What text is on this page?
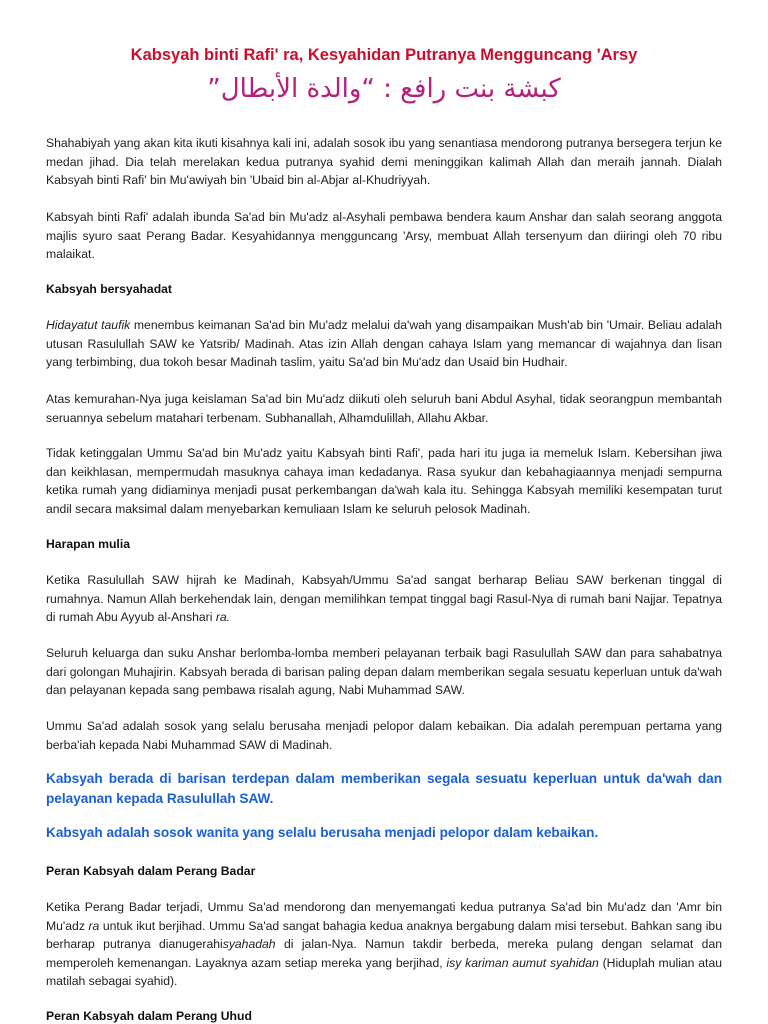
Kabsyah binti Rafi' ra, Kesyahidan Putranya Mengguncang 'Arsy
كبشة بنت رافع : “والدة الأبطال”
Shahabiyah yang akan kita ikuti kisahnya kali ini, adalah sosok ibu yang senantiasa mendorong putranya bersegera terjun ke medan jihad. Dia telah merelakan kedua putranya syahid demi meninggikan kalimah Allah dan meraih jannah. Dialah Kabsyah binti Rafi' bin Mu'awiyah bin 'Ubaid bin al-Abjar al-Khudriyyah.
Kabsyah binti Rafi' adalah ibunda Sa'ad bin Mu'adz al-Asyhali pembawa bendera kaum Anshar dan salah seorang anggota majlis syuro saat Perang Badar. Kesyahidannya mengguncang 'Arsy, membuat Allah tersenyum dan diiringi oleh 70 ribu malaikat.
Kabsyah bersyahadat
Hidayatut taufik menembus keimanan Sa'ad bin Mu'adz melalui da'wah yang disampaikan Mush'ab bin 'Umair. Beliau adalah utusan Rasulullah SAW ke Yatsrib/ Madinah. Atas izin Allah dengan cahaya Islam yang memancar di wajahnya dan lisan yang terbimbing, dua tokoh besar Madinah taslim, yaitu Sa'ad bin Mu'adz dan Usaid bin Hudhair.
Atas kemurahan-Nya juga keislaman Sa'ad bin Mu'adz diikuti oleh seluruh bani Abdul Asyhal, tidak seorangpun membantah seruannya sebelum matahari terbenam. Subhanallah, Alhamdulillah, Allahu Akbar.
Tidak ketinggalan Ummu Sa'ad bin Mu'adz yaitu Kabsyah binti Rafi', pada hari itu juga ia memeluk Islam. Kebersihan jiwa dan keikhlasan, mempermudah masuknya cahaya iman kedadanya. Rasa syukur dan kebahagiaannya menjadi sempurna ketika rumah yang didiaminya menjadi pusat perkembangan da'wah kala itu. Sehingga Kabsyah memiliki kesempatan turut andil secara maksimal dalam menyebarkan kemuliaan Islam ke seluruh pelosok Madinah.
Harapan mulia
Ketika Rasulullah SAW hijrah ke Madinah, Kabsyah/Ummu Sa'ad sangat berharap Beliau SAW berkenan tinggal di rumahnya. Namun Allah berkehendak lain, dengan memilihkan tempat tinggal bagi Rasul-Nya di rumah bani Najjar. Tepatnya di rumah Abu Ayyub al-Anshari ra.
Seluruh keluarga dan suku Anshar berlomba-lomba memberi pelayanan terbaik bagi Rasulullah SAW dan para sahabatnya dari golongan Muhajirin. Kabsyah berada di barisan paling depan dalam memberikan segala sesuatu keperluan untuk da'wah dan pelayanan kepada sang pembawa risalah agung, Nabi Muhammad SAW.
Ummu Sa'ad adalah sosok yang selalu berusaha menjadi pelopor dalam kebaikan. Dia adalah perempuan pertama yang berba'iah kepada Nabi Muhammad SAW di Madinah.
Kabsyah berada di barisan terdepan dalam memberikan segala sesuatu keperluan untuk da'wah dan pelayanan kepada Rasulullah SAW.
Kabsyah adalah sosok wanita yang selalu berusaha menjadi pelopor dalam kebaikan.
Peran Kabsyah dalam Perang Badar
Ketika Perang Badar terjadi, Ummu Sa'ad mendorong dan menyemangati kedua putranya Sa'ad bin Mu'adz dan 'Amr bin Mu'adz ra untuk ikut berjihad. Ummu Sa'ad sangat bahagia kedua anaknya bergabung dalam misi tersebut. Bahkan sang ibu berharap putranya dianugerahisyahadah di jalan-Nya. Namun takdir berbeda, mereka pulang dengan selamat dan memperoleh kemenangan. Layaknya azam setiap mereka yang berjihad, isy kariman aumut syahidan (Hiduplah mulian atau matilah sebagai syahid).
Peran Kabsyah dalam Perang Uhud
